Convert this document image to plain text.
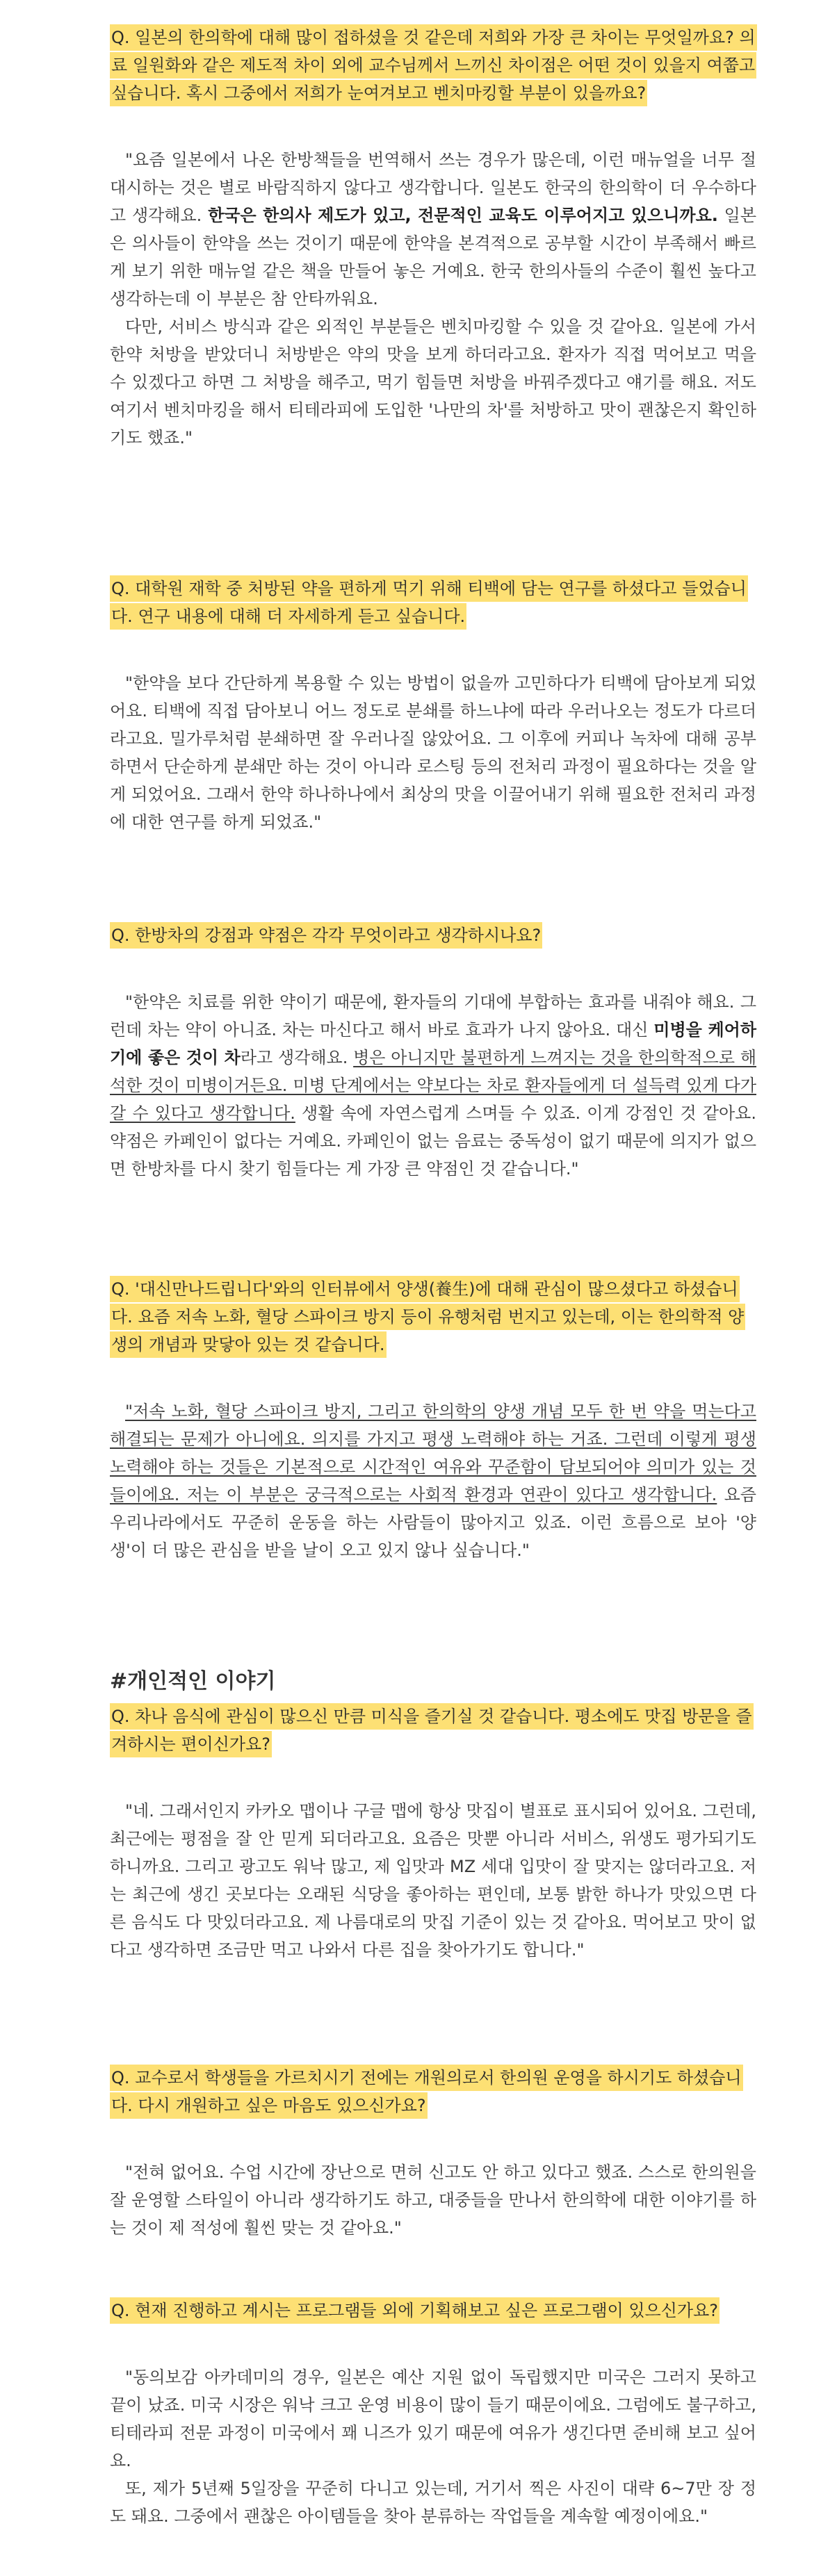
Q. 일본의 한의학에 대해 많이 접하셨을 것 같은데 저희와 가장 큰 차이는 무엇일까요? 의료 일원화와 같은 제도적 차이 외에 교수님께서 느끼신 차이점은 어떤 것이 있을지 여쭙고 싶습니다. 혹시 그중에서 저희가 눈여겨보고 벤치마킹할 부분이 있을까요?

"요즘 일본에서 나온 한방책들을 번역해서 쓰는 경우가 많은데, 이런 매뉴얼을 너무 절대시하는 것은 별로 바람직하지 않다고 생각합니다. 일본도 한국의 한의학이 더 우수하다고 생각해요. 한국은 한의사 제도가 있고, 전문적인 교육도 이루어지고 있으니까요. 일본은 의사들이 한약을 쓰는 것이기 때문에 한약을 본격적으로 공부할 시간이 부족해서 빠르게 보기 위한 매뉴얼 같은 책을 만들어 놓은 거예요. 한국 한의사들의 수준이 훨씬 높다고 생각하는데 이 부분은 참 안타까워요.

다만, 서비스 방식과 같은 외적인 부분들은 벤치마킹할 수 있을 것 같아요. 일본에 가서 한약 처방을 받았더니 처방받은 약의 맛을 보게 하더라고요. 환자가 직접 먹어보고 먹을 수 있겠다고 하면 그 처방을 해주고, 먹기 힘들면 처방을 바꿔주겠다고 얘기를 해요. 저도 여기서 벤치마킹을 해서 티테라피에 도입한 '나만의 차'를 처방하고 맛이 괜찮은지 확인하기도 했죠."

Q. 대학원 재학 중 처방된 약을 편하게 먹기 위해 티백에 담는 연구를 하셨다고 들었습니다. 연구 내용에 대해 더 자세하게 듣고 싶습니다.

"한약을 보다 간단하게 복용할 수 있는 방법이 없을까 고민하다가 티백에 담아보게 되었어요. 티백에 직접 담아보니 어느 정도로 분쇄를 하느냐에 따라 우러나오는 정도가 다르더라고요. 밀가루처럼 분쇄하면 잘 우러나질 않았어요. 그 이후에 커피나 녹차에 대해 공부하면서 단순하게 분쇄만 하는 것이 아니라 로스팅 등의 전처리 과정이 필요하다는 것을 알게 되었어요. 그래서 한약 하나하나에서 최상의 맛을 이끌어내기 위해 필요한 전처리 과정에 대한 연구를 하게 되었죠."

Q. 한방차의 강점과 약점은 각각 무엇이라고 생각하시나요?

"한약은 치료를 위한 약이기 때문에, 환자들의 기대에 부합하는 효과를 내줘야 해요. 그런데 차는 약이 아니죠. 차는 마신다고 해서 바로 효과가 나지 않아요. 대신 미병을 케어하기에 좋은 것이 차라고 생각해요. 병은 아니지만 불편하게 느껴지는 것을 한의학적으로 해석한 것이 미병이거든요. 미병 단계에서는 약보다는 차로 환자들에게 더 설득력 있게 다가갈 수 있다고 생각합니다. 생활 속에 자연스럽게 스며들 수 있죠. 이게 강점인 것 같아요. 약점은 카페인이 없다는 거예요. 카페인이 없는 음료는 중독성이 없기 때문에 의지가 없으면 한방차를 다시 찾기 힘들다는 게 가장 큰 약점인 것 같습니다."

Q. '대신만나드립니다'와의 인터뷰에서 양생(養生)에 대해 관심이 많으셨다고 하셨습니다. 요즘 저속 노화, 혈당 스파이크 방지 등이 유행처럼 번지고 있는데, 이는 한의학적 양생의 개념과 맞닿아 있는 것 같습니다.

"저속 노화, 혈당 스파이크 방지, 그리고 한의학의 양생 개념 모두 한 번 약을 먹는다고 해결되는 문제가 아니에요. 의지를 가지고 평생 노력해야 하는 거죠. 그런데 이렇게 평생 노력해야 하는 것들은 기본적으로 시간적인 여유와 꾸준함이 담보되어야 의미가 있는 것들이에요. 저는 이 부분은 궁극적으로는 사회적 환경과 연관이 있다고 생각합니다. 요즘 우리나라에서도 꾸준히 운동을 하는 사람들이 많아지고 있죠. 이런 흐름으로 보아 '양생'이 더 많은 관심을 받을 날이 오고 있지 않나 싶습니다."

#개인적인 이야기

Q. 차나 음식에 관심이 많으신 만큼 미식을 즐기실 것 같습니다. 평소에도 맛집 방문을 즐겨하시는 편이신가요?

"네. 그래서인지 카카오 맵이나 구글 맵에 항상 맛집이 별표로 표시되어 있어요. 그런데, 최근에는 평점을 잘 안 믿게 되더라고요. 요즘은 맛뿐 아니라 서비스, 위생도 평가되기도 하니까요. 그리고 광고도 워낙 많고, 제 입맛과 MZ 세대 입맛이 잘 맞지는 않더라고요. 저는 최근에 생긴 곳보다는 오래된 식당을 좋아하는 편인데, 보통 밝한 하나가 맛있으면 다른 음식도 다 맛있더라고요. 제 나름대로의 맛집 기준이 있는 것 같아요. 먹어보고 맛이 없다고 생각하면 조금만 먹고 나와서 다른 집을 찾아가기도 합니다."

Q. 교수로서 학생들을 가르치시기 전에는 개원의로서 한의원 운영을 하시기도 하셨습니다. 다시 개원하고 싶은 마음도 있으신가요?

"전혀 없어요. 수업 시간에 장난으로 면허 신고도 안 하고 있다고 했죠. 스스로 한의원을 잘 운영할 스타일이 아니라 생각하기도 하고, 대중들을 만나서 한의학에 대한 이야기를 하는 것이 제 적성에 훨씬 맞는 것 같아요."

Q. 현재 진행하고 계시는 프로그램들 외에 기획해보고 싶은 프로그램이 있으신가요?

"동의보감 아카데미의 경우, 일본은 예산 지원 없이 독립했지만 미국은 그러지 못하고 끝이 났죠. 미국 시장은 워낙 크고 운영 비용이 많이 들기 때문이에요. 그럼에도 불구하고, 티테라피 전문 과정이 미국에서 꽤 니즈가 있기 때문에 여유가 생긴다면 준비해 보고 싶어요.

또, 제가 5년째 5일장을 꾸준히 다니고 있는데, 거기서 찍은 사진이 대략 6~7만 장 정도 돼요. 그중에서 괜찮은 아이템들을 찾아 분류하는 작업들을 계속할 예정이에요."
